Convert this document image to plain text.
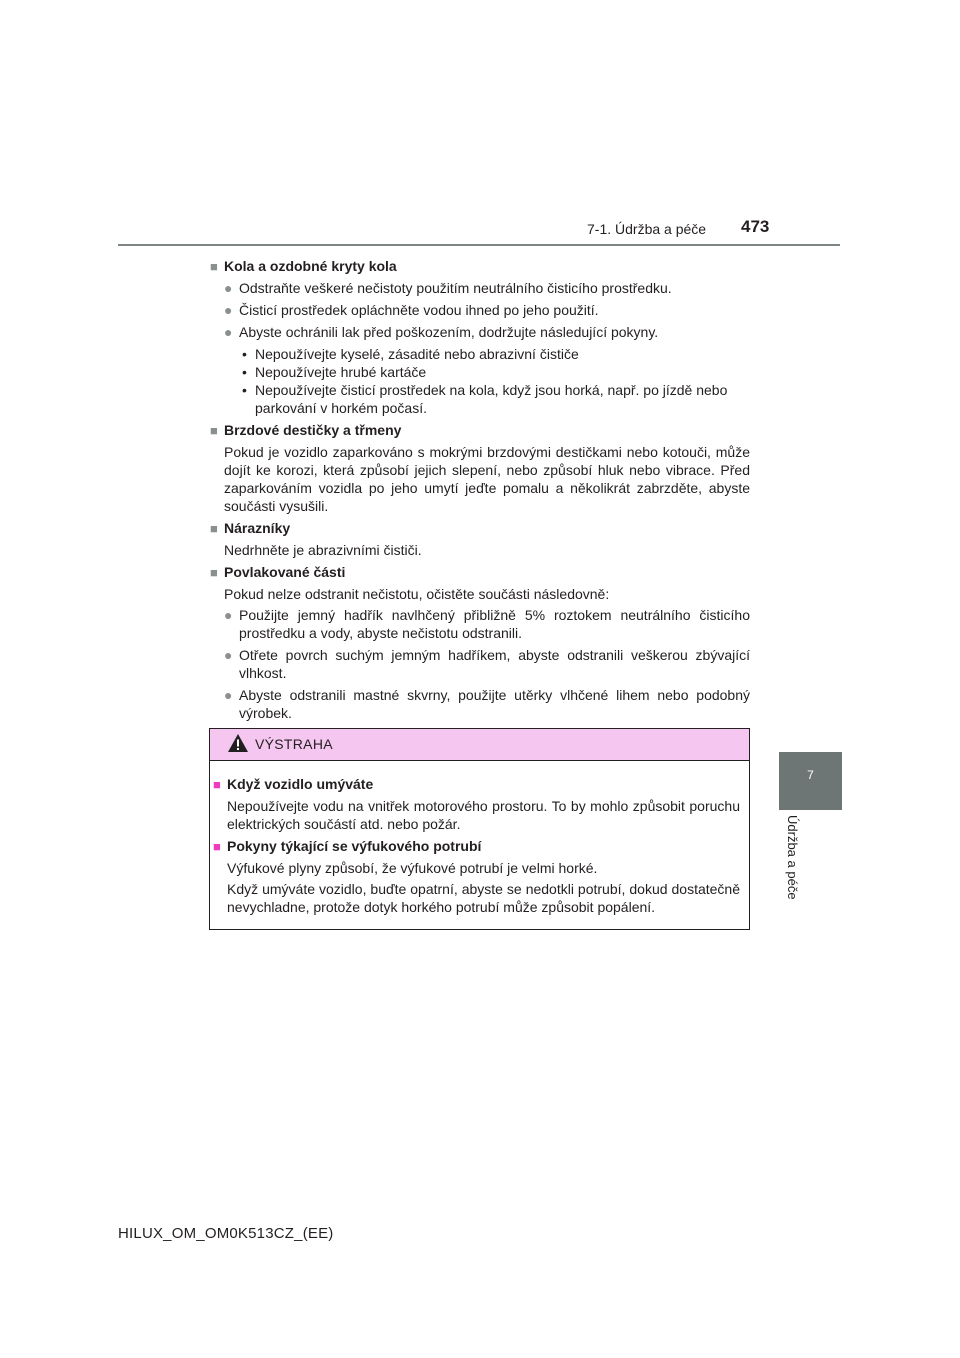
7-1. Údržba a péče 473
7
Údržba a péče
■ Kola a ozdobné kryty kola
● Odstraňte veškeré nečistoty použitím neutrálního čisticího prostředku.
● Čisticí prostředek opláchněte vodou ihned po jeho použití.
● Abyste ochránili lak před poškozením, dodržujte následující pokyny.
• Nepoužívejte kyselé, zásadité nebo abrazivní čističe
• Nepoužívejte hrubé kartáče
• Nepoužívejte čisticí prostředek na kola, když jsou horká, např. po jízdě nebo parkování v horkém počasí.
■ Brzdové destičky a třmeny
Pokud je vozidlo zaparkováno s mokrými brzdovými destičkami nebo kotouči, může dojít ke korozi, která způsobí jejich slepení, nebo způsobí hluk nebo vibrace. Před zaparkováním vozidla po jeho umytí jeďte pomalu a několikrát zabrzděte, abyste součásti vysušili.
■ Nárazníky
Nedrhněte je abrazivními čističi.
■ Povlakované části
Pokud nelze odstranit nečistotu, očistěte součásti následovně:
● Použijte jemný hadřík navlhčený přibližně 5% roztokem neutrálního čisticího prostředku a vody, abyste nečistotu odstranili.
● Otřete povrch suchým jemným hadříkem, abyste odstranili veškerou zbývající vlhkost.
● Abyste odstranili mastné skvrny, použijte utěrky vlhčené lihem nebo podobný výrobek.
VÝSTRAHA
■ Když vozidlo umýváte
Nepoužívejte vodu na vnitřek motorového prostoru. To by mohlo způsobit poruchu elektrických součástí atd. nebo požár.
■ Pokyny týkající se výfukového potrubí
Výfukové plyny způsobí, že výfukové potrubí je velmi horké.
Když umýváte vozidlo, buďte opatrní, abyste se nedotkli potrubí, dokud dostatečně nevychladne, protože dotyk horkého potrubí může způsobit popálení.
HILUX_OM_OM0K513CZ_(EE)
